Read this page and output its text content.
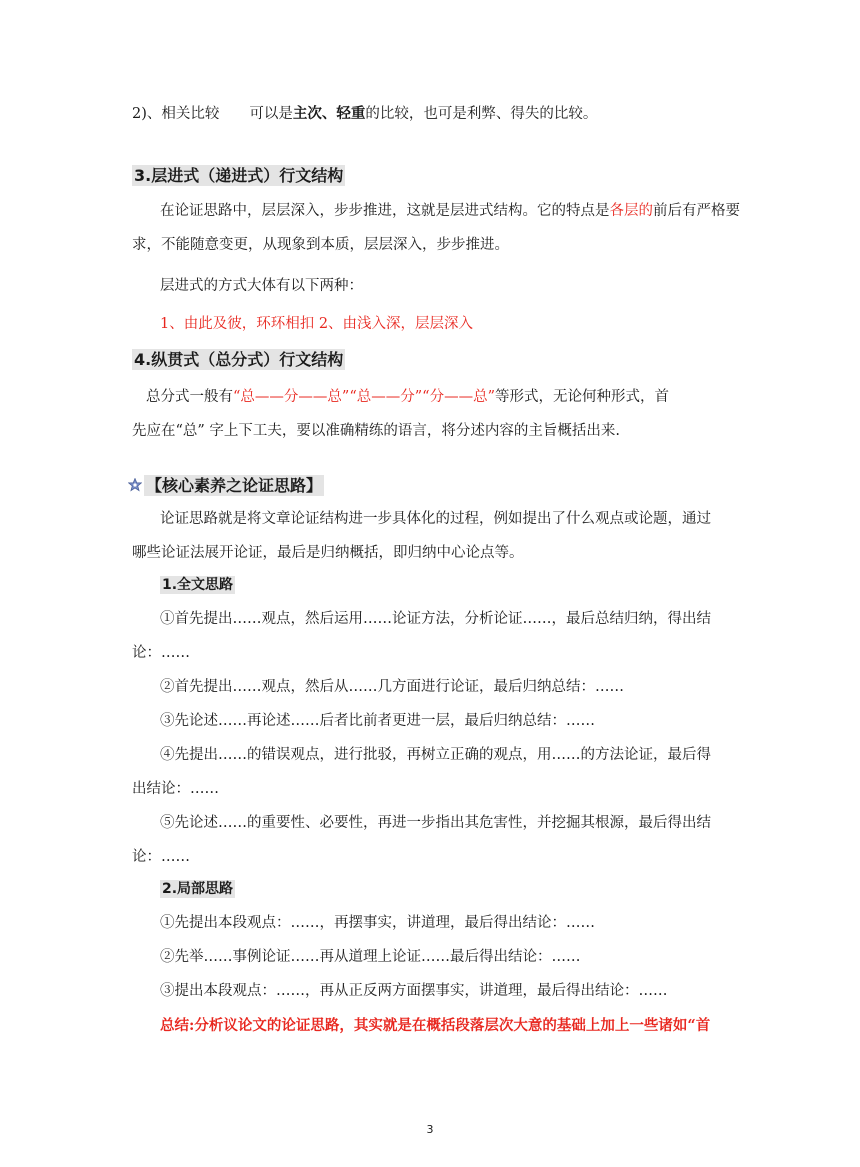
2)、相关比较 可以是主次、轻重的比较，也可是利弊、得失的比较。
3.层进式（递进式）行文结构
在论证思路中，层层深入，步步推进，这就是层进式结构。它的特点是各层的前后有严格要
求，不能随意变更，从现象到本质，层层深入，步步推进。
层进式的方式大体有以下两种：
1、由此及彼，环环相扣 2、由浅入深，层层深入
4.纵贯式（总分式）行文结构
总分式一般有“总——分——总”“总——分”“分——总”等形式，无论何种形式，首
先应在“总” 字上下工夫，要以准确精练的语言，将分述内容的主旨概括出来.
【核心素养之论证思路】
论证思路就是将文章论证结构进一步具体化的过程，例如提出了什么观点或论题，通过
哪些论证法展开论证，最后是归纳概括，即归纳中心论点等。
1.全文思路
①首先提出……观点，然后运用……论证方法，分析论证……，最后总结归纳，得出结
论：……
②首先提出……观点，然后从……几方面进行论证，最后归纳总结：……
③先论述……再论述……后者比前者更进一层，最后归纳总结：……
④先提出……的错误观点，进行批驳，再树立正确的观点，用……的方法论证，最后得
出结论：……
⑤先论述……的重要性、必要性，再进一步指出其危害性，并挖掘其根源，最后得出结
论：……
2.局部思路
①先提出本段观点：……，再摆事实，讲道理，最后得出结论：……
②先举……事例论证……再从道理上论证……最后得出结论：……
③提出本段观点：……，再从正反两方面摆事实，讲道理，最后得出结论：……
总结:分析议论文的论证思路，其实就是在概括段落层次大意的基础上加上一些诸如“首
3
